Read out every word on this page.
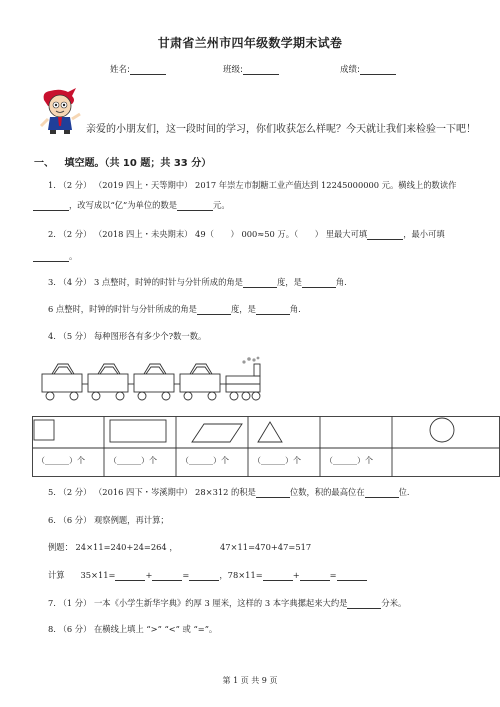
甘肃省兰州市四年级数学期末试卷
姓名:	班级:	成绩:
亲爱的小朋友们，这一段时间的学习，你们收获怎么样呢？今天就让我们来检验一下吧！
一、 填空题。（共 10 题；共 33 分）
1. （2 分） （2019 四上・天等期中） 2017 年崇左市制糖工业产值达到 12245000000 元。横线上的数读作
，改写成以“亿”为单位的数是	元。
2. （2 分） （2018 四上・未央期末） 49（　　） 000≈50 万。（　　） 里最大可填	，最小可填
。
3. （4 分） 3 点整时，时钟的时针与分针所成的角是	度，是	角.
6 点整时，时钟的时针与分针所成的角是	度，是	角.
4. （5 分） 每种图形各有多少个?数一数。
（______）个	（______）个	（______）个	（______）个	（______）个
5. （2 分） （2016 四下・岑溪期中） 28×312 的积是	位数，积的最高位在	位.
6. （6 分） 观察例题，再计算；
例题： 24×11=240+24=264 ，	47×11=470+47=517
计算 35×11=	+	=	，78×11=	+	=
7. （1 分） 一本《小学生新华字典》约厚 3 厘米，这样的 3 本字典摞起来大约是	分米。
8. （6 分） 在横线上填上 “>” “<” 或 “=”。
第 1 页 共 9 页
